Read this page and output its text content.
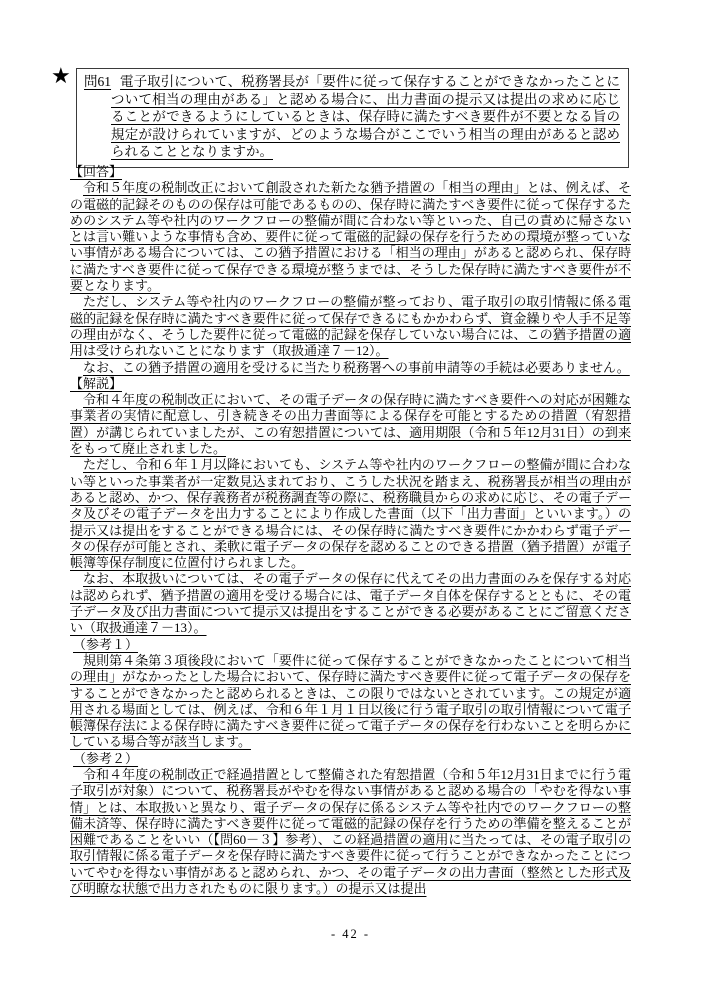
★ 問61 電子取引について、税務署長が「要件に従って保存することができなかったことについて相当の理由がある」と認める場合に、出力書面の提示又は提出の求めに応じることができるようにしているときは、保存時に満たすべき要件が不要となる旨の規定が設けられていますが、どのような場合がここでいう相当の理由があると認められることとなりますか。
【回答】

令和５年度の税制改正において創設された新たな猶予措置の「相当の理由」とは、例えば、その電磁的記録そのものの保存は可能であるものの、保存時に満たすべき要件に従って保存するためのシステム等や社内のワークフローの整備が間に合わない等といった、自己の責めに帰さないとは言い難いような事情も含め、要件に従って電磁的記録の保存を行うための環境が整っていない事情がある場合については、この猶予措置における「相当の理由」があると認められ、保存時に満たすべき要件に従って保存できる環境が整うまでは、そうした保存時に満たすべき要件が不要となります。

ただし、システム等や社内のワークフローの整備が整っており、電子取引の取引情報に係る電磁的記録を保存時に満たすべき要件に従って保存できるにもかかわらず、資金繰りや人手不足等の理由がなく、そうした要件に従って電磁的記録を保存していない場合には、この猶予措置の適用は受けられないことになります（取扱通達７－12）。

なお、この猶予措置の適用を受けるに当たり税務署への事前申請等の手続は必要ありません。

【解説】

令和４年度の税制改正において、その電子データの保存時に満たすべき要件への対応が困難な事業者の実情に配意し、引き続きその出力書面等による保存を可能とするための措置（宥恕措置）が講じられていましたが、この宥恕措置については、適用期限（令和５年12月31日）の到来をもって廃止されました。

ただし、令和６年１月以降においても、システム等や社内のワークフローの整備が間に合わない等といった事業者が一定数見込まれており、こうした状況を踏まえ、税務署長が相当の理由があると認め、かつ、保存義務者が税務調査等の際に、税務職員からの求めに応じ、その電子データ及びその電子データを出力することにより作成した書面（以下「出力書面」といいます。）の提示又は提出をすることができる場合には、その保存時に満たすべき要件にかかわらず電子データの保存が可能とされ、柔軟に電子データの保存を認めることのできる措置（猶予措置）が電子帳簿等保存制度に位置付けられました。

なお、本取扱いについては、その電子データの保存に代えてその出力書面のみを保存する対応は認められず、猶予措置の適用を受ける場合には、電子データ自体を保存するとともに、その電子データ及び出力書面について提示又は提出をすることができる必要があることにご留意ください（取扱通達７－13）。

（参考１）

規則第４条第３項後段において「要件に従って保存することができなかったことについて相当の理由」がなかったとした場合において、保存時に満たすべき要件に従って電子データの保存をすることができなかったと認められるときは、この限りではないとされています。この規定が適用される場面としては、例えば、令和６年１月１日以後に行う電子取引の取引情報について電子帳簿保存法による保存時に満たすべき要件に従って電子データの保存を行わないことを明らかにしている場合等が該当します。

（参考２）

令和４年度の税制改正で経過措置として整備された宥恕措置（令和５年12月31日までに行う電子取引が対象）について、税務署長がやむを得ない事情があると認める場合の「やむを得ない事情」とは、本取扱いと異なり、電子データの保存に係るシステム等や社内でのワークフローの整備未済等、保存時に満たすべき要件に従って電磁的記録の保存を行うための準備を整えることが困難であることをいい（【問60－３】参考）、この経過措置の適用に当たっては、その電子取引の取引情報に係る電子データを保存時に満たすべき要件に従って行うことができなかったことについてやむを得ない事情があると認められ、かつ、その電子データの出力書面（整然とした形式及び明瞭な状態で出力されたものに限ります。）の提示又は提出

- 42 -
